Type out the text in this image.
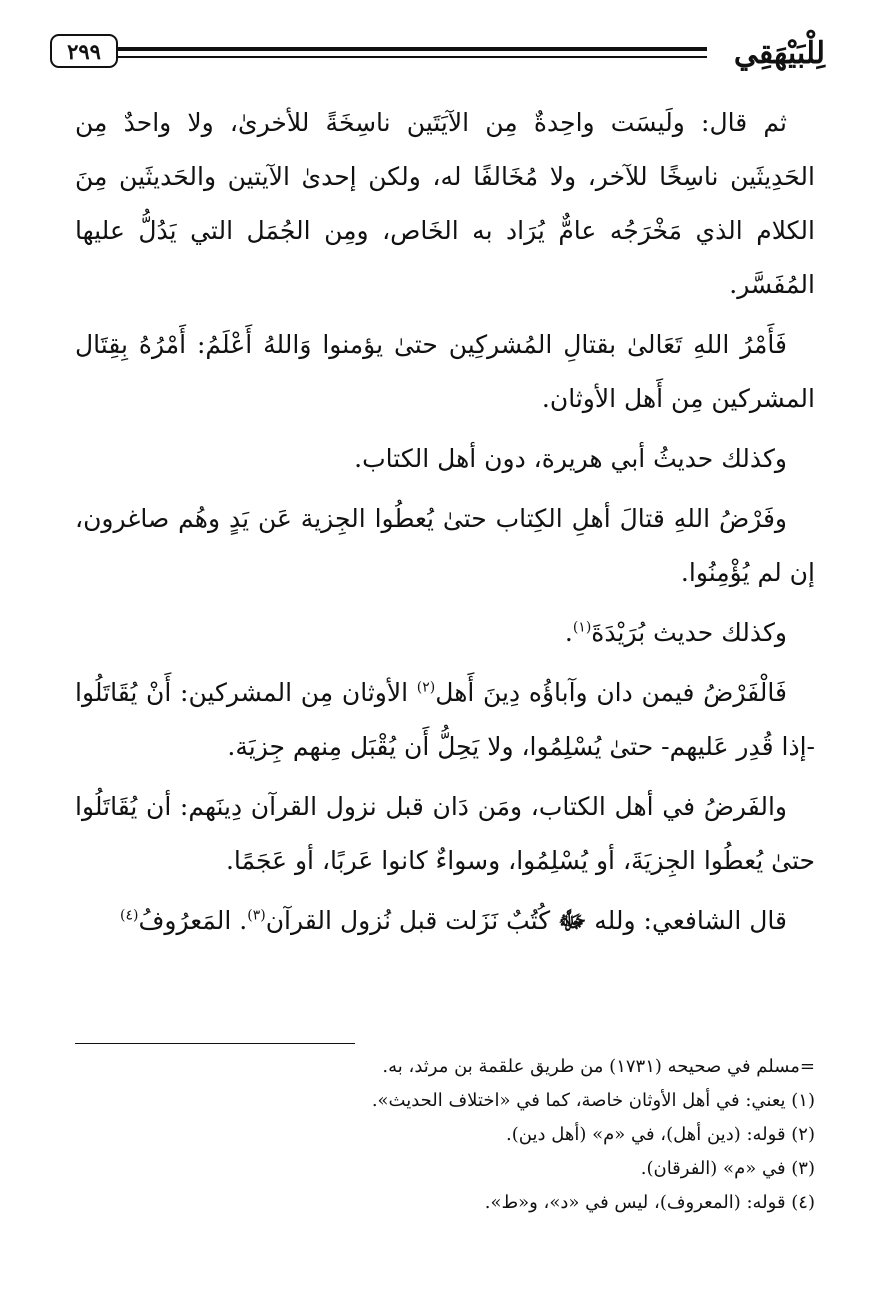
لِلْبَيْهَقِي
٢٩٩

ثم قال: ولَيسَت واحِدةٌ مِن الآيَتَين ناسِخَةً للأخرىٰ، ولا واحدٌ مِن الحَدِيثَين ناسِخًا للآخر، ولا مُخَالفًا له، ولكن إحدىٰ الآيتين والحَديثَين مِنَ الكلام الذي مَخْرَجُه عامٌّ يُرَاد به الخَاص، ومِن الجُمَل التي يَدُلُّ عليها المُفَسَّر.

فَأَمْرُ اللهِ تَعَالىٰ بقتالِ المُشركِين حتىٰ يؤمنوا وَاللهُ أَعْلَمُ: أَمْرُهُ بِقِتَال المشركين مِن أَهل الأوثان.

وكذلك حديثُ أبي هريرة، دون أهل الكتاب.

وفَرْضُ اللهِ قتالَ أهلِ الكِتاب حتىٰ يُعطُوا الجِزية عَن يَدٍ وهُم صاغرون، إن لم يُؤْمِنُوا.

وكذلك حديث بُرَيْدَةَ$^{(١)}$.

فَالْفَرْضُ فيمن دان وآباؤُه دِينَ أَهل$^{(٢)}$ الأوثان مِن المشركين: أَنْ يُقَاتَلُوا -إذا قُدِر عَليهم- حتىٰ يُسْلِمُوا، ولا يَحِلُّ أَن يُقْبَل مِنهم جِزيَة.

والفَرضُ في أهل الكتاب، ومَن دَان قبل نزول القرآن دِينَهم: أن يُقَاتَلُوا حتىٰ يُعطُوا الجِزيَةَ، أو يُسْلِمُوا، وسواءٌ كانوا عَربًا، أو عَجَمًا.

قال الشافعي: ولله ﷻ كُتُبٌ نَزَلت قبل نُزول القرآن$^{(٣)}$. المَعرُوفُ$^{(٤)}$

=مسلم في صحيحه (١٧٣١) من طريق علقمة بن مرثد، به.

(١) يعني: في أهل الأوثان خاصة، كما في «اختلاف الحديث».

(٢) قوله: (دين أهل)، في «م» (أهل دين).

(٣) في «م» (الفرقان).

(٤) قوله: (المعروف)، ليس في «د»، و«ط».
